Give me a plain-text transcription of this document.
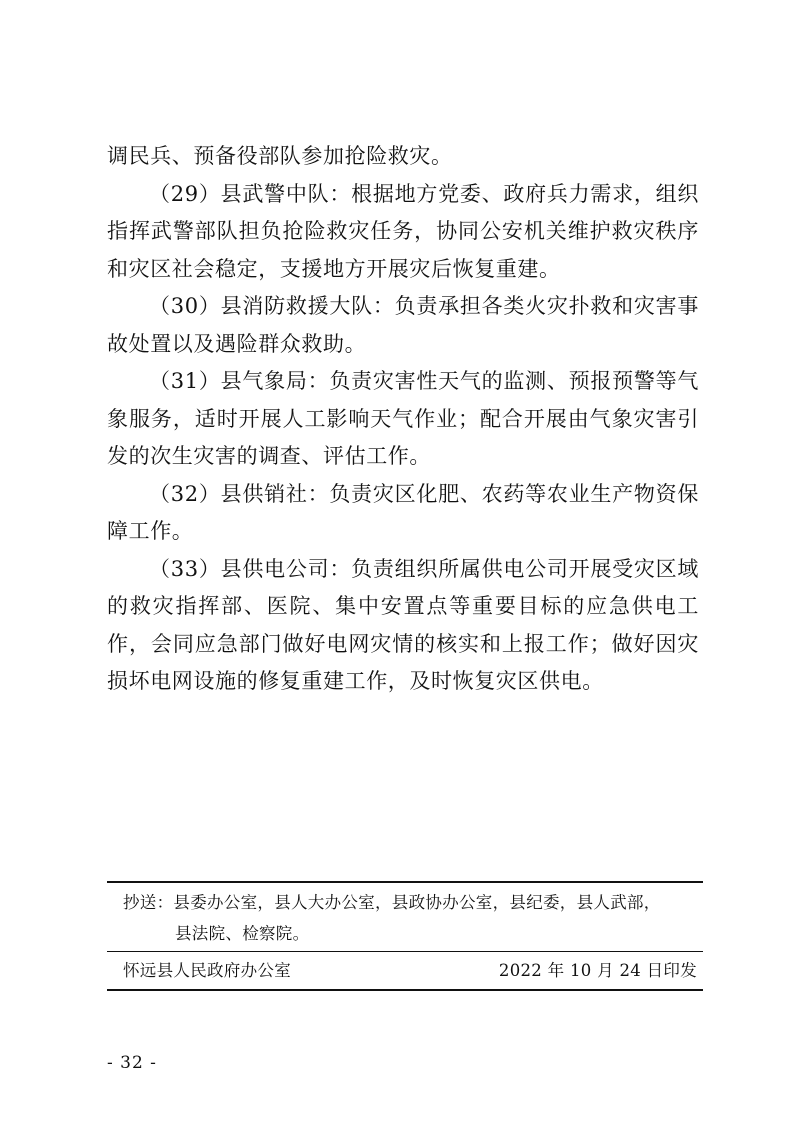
调民兵、预备役部队参加抢险救灾。

（29）县武警中队：根据地方党委、政府兵力需求，组织指挥武警部队担负抢险救灾任务，协同公安机关维护救灾秩序和灾区社会稳定，支援地方开展灾后恢复重建。

（30）县消防救援大队：负责承担各类火灾扑救和灾害事故处置以及遇险群众救助。

（31）县气象局：负责灾害性天气的监测、预报预警等气象服务，适时开展人工影响天气作业；配合开展由气象灾害引发的次生灾害的调查、评估工作。

（32）县供销社：负责灾区化肥、农药等农业生产物资保障工作。

（33）县供电公司：负责组织所属供电公司开展受灾区域的救灾指挥部、医院、集中安置点等重要目标的应急供电工作，会同应急部门做好电网灾情的核实和上报工作；做好因灾损坏电网设施的修复重建工作，及时恢复灾区供电。

抄送：县委办公室，县人大办公室，县政协办公室，县纪委，县人武部，
县法院、检察院。
怀远县人民政府办公室	2022 年 10 月 24 日印发
- 32 -
